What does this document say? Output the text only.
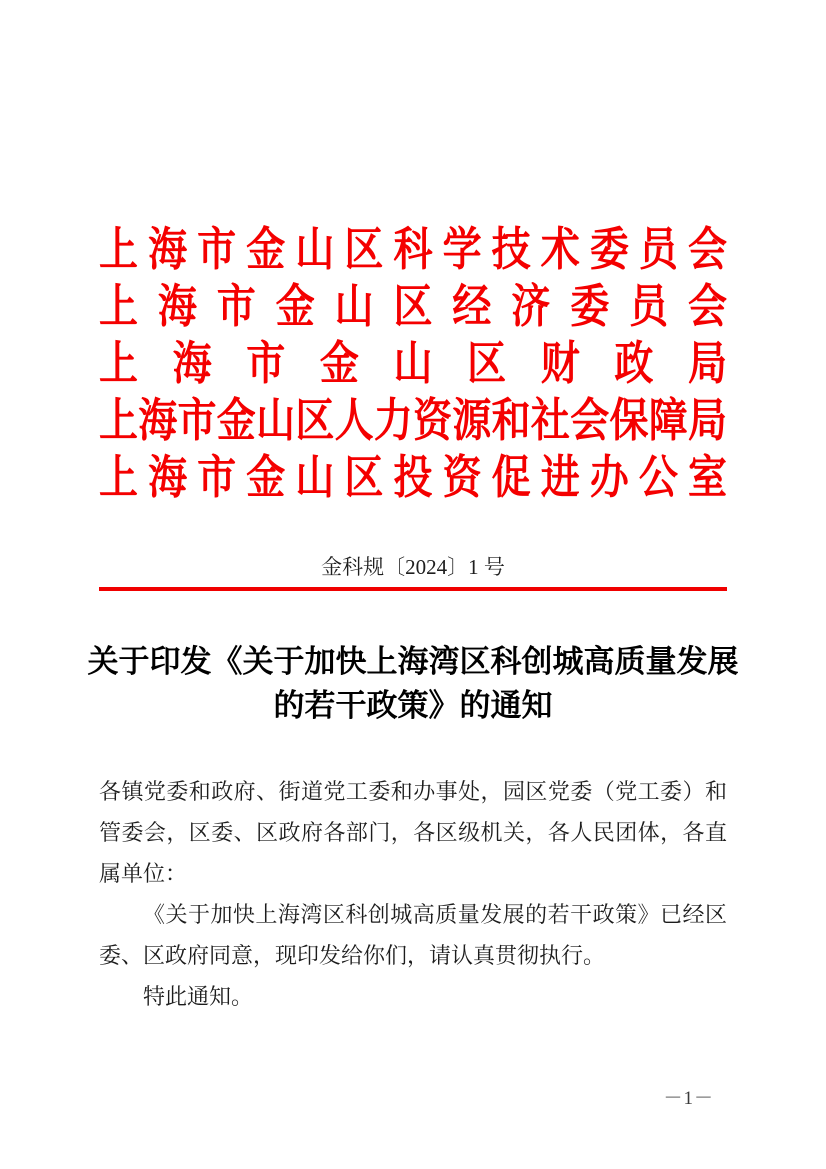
上海市金山区科学技术委员会
上海市金山区经济委员会
上海市金山区财政局
上海市金山区人力资源和社会保障局
上海市金山区投资促进办公室
金科规〔2024〕1 号
关于印发《关于加快上海湾区科创城高质量发展
的若干政策》的通知

各镇党委和政府、街道党工委和办事处，园区党委（党工委）和管委会，区委、区政府各部门，各区级机关，各人民团体，各直属单位：

《关于加快上海湾区科创城高质量发展的若干政策》已经区委、区政府同意，现印发给你们，请认真贯彻执行。

特此通知。

－1－
